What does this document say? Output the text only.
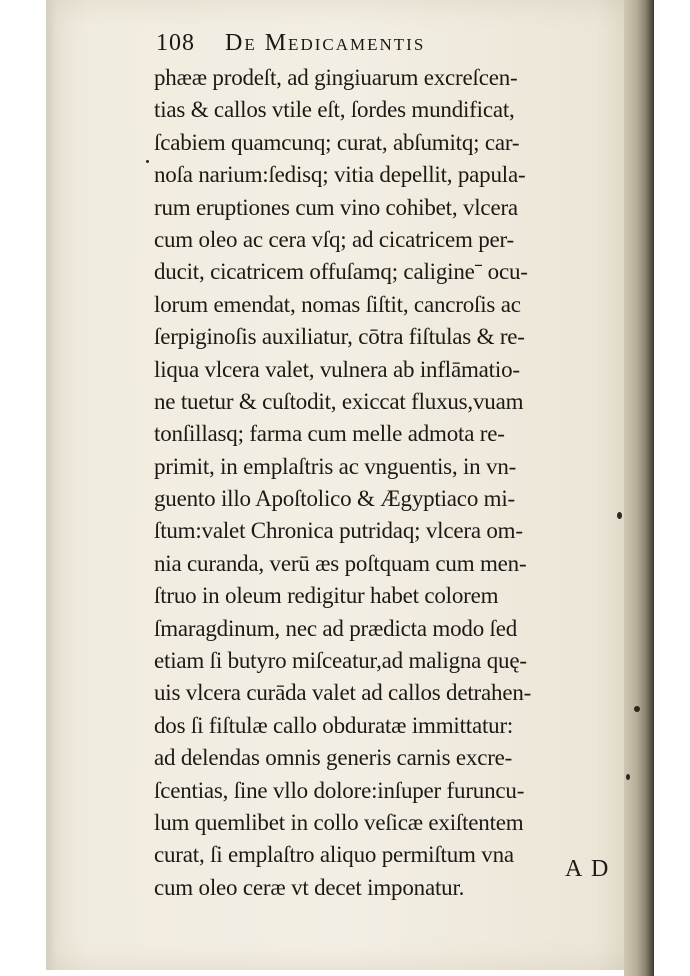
108 De Medicamentis
phææ prodeſt, ad gingiuarum excreſcen-
tias & callos vtile eſt, ſordes mundificat,
ſcabiem quamcunq; curat, abſumitq; car-
noſa narium:ſedisq; vitia depellit, papula-
rum eruptiones cum vino cohibet, vlcera
cum oleo ac cera vſq; ad cicatricem per-
ducit, cicatricem offuſamq; caligineˉ ocu-
lorum emendat, nomas ſiſtit, cancroſis ac
ſerpiginoſis auxiliatur, cōtra fiſtulas & re-
liqua vlcera valet, vulnera ab inflāmatio-
ne tuetur & cuſtodit, exiccat fluxus,vuam
tonſillasq; farma cum melle admota re-
primit, in emplaſtris ac vnguentis, in vn-
guento illo Apoſtolico & Ægyptiaco mi-
ſtum:valet Chronica putridaq; vlcera om-
nia curanda, verū æs poſtquam cum men-
ſtruo in oleum redigitur habet colorem
ſmaragdinum, nec ad prædicta modo ſed
etiam ſi butyro miſceatur,ad maligna quę-
uis vlcera curāda valet ad callos detrahen-
dos ſi fiſtulæ callo obduratæ immittatur:
ad delendas omnis generis carnis excre-
ſcentias, ſine vllo dolore:inſuper furuncu-
lum quemlibet in collo veſicæ exiſtentem
curat, ſi emplaſtro aliquo permiſtum vna
cum oleo ceræ vt decet imponatur.
A D
